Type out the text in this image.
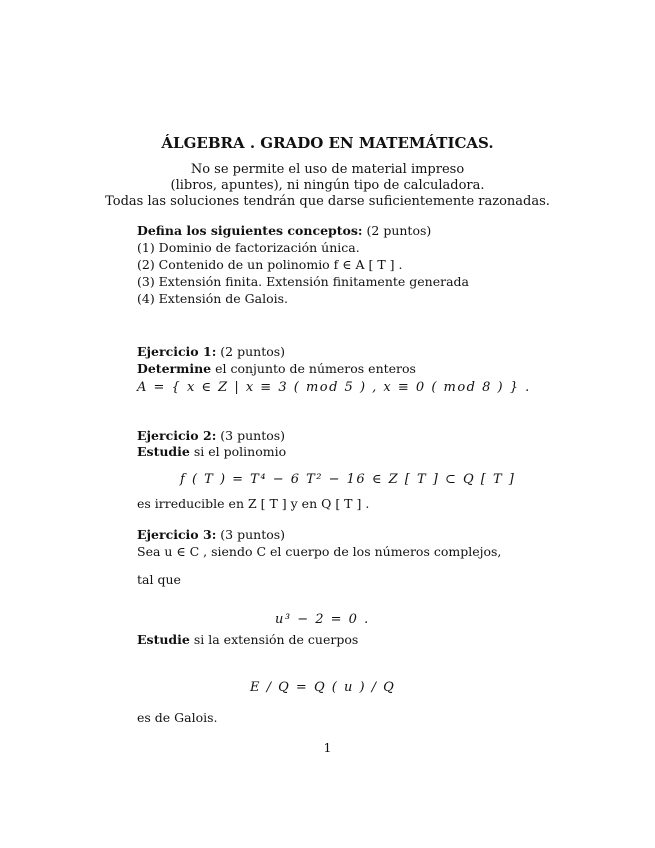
ÁLGEBRA . GRADO EN MATEMÁTICAS.
No se permite el uso de material impreso
(libros, apuntes), ni ningún tipo de calculadora.
Todas las soluciones tendrán que darse suficientemente razonadas.
Defina los siguientes conceptos: (2 puntos)
(1) Dominio de factorización única.
(2) Contenido de un polinomio f ∈ A [ T ] .
(3) Extensión finita. Extensión finitamente generada
(4) Extensión de Galois.
Ejercicio 1: (2 puntos)
Determine el conjunto de números enteros
A = { x ∈ Z | x ≡ 3 ( mod 5 ) , x ≡ 0 ( mod 8 ) } .
Ejercicio 2: (3 puntos)
Estudie si el polinomio
f ( T ) = T⁴ − 6 T² − 16 ∈ Z [ T ] ⊂ Q [ T ]
es irreducible en Z [ T ] y en Q [ T ] .
Ejercicio 3: (3 puntos)
Sea u ∈ C , siendo C el cuerpo de los números complejos,
tal que
u³ − 2 = 0 .
Estudie si la extensión de cuerpos
E / Q = Q ( u ) / Q
es de Galois.
1
